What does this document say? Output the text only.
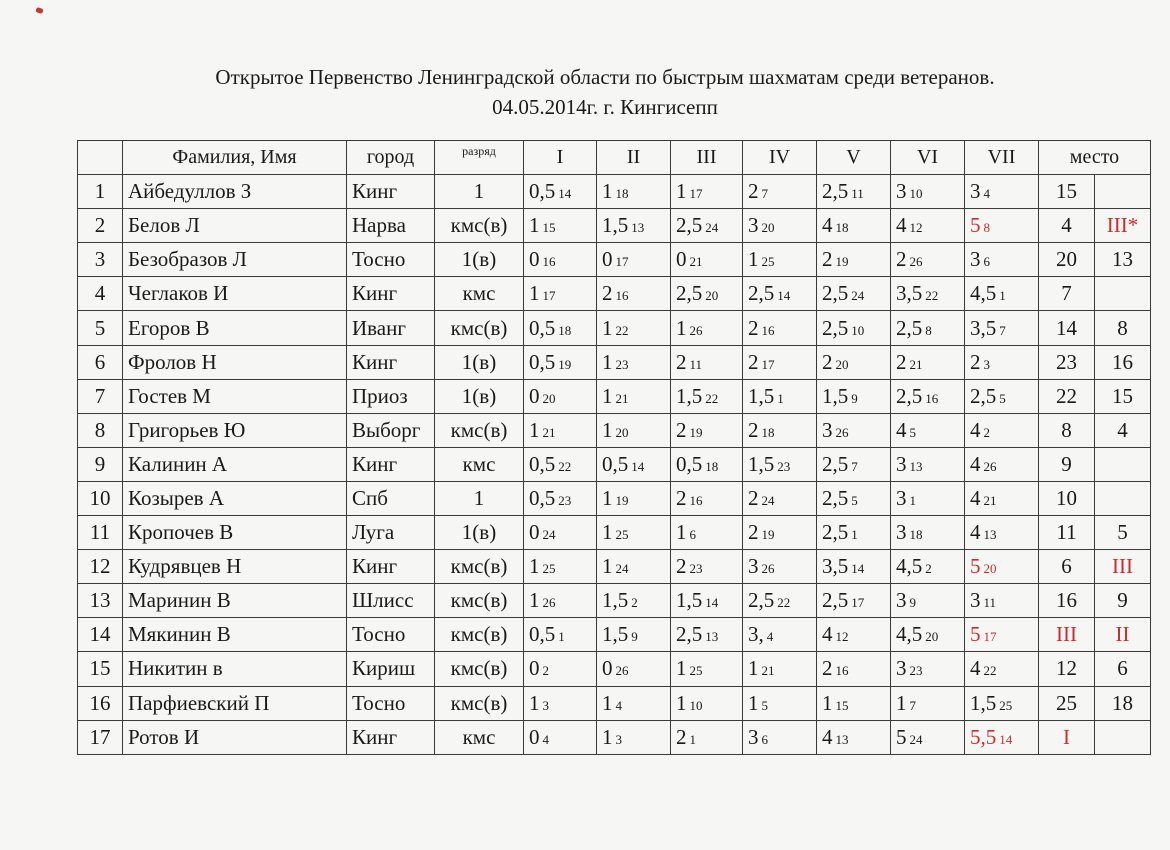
Открытое Первенство Ленинградской области по быстрым шахматам среди ветеранов.
04.05.2014г. г. Кингисепп
	Фамилия, Имя	город	разряд	I	II	III	IV	V	VI	VII	место	
1	Айбедуллов З	Кинг	1	0,5 14	1 18	1 17	2 7	2,5 11	3 10	3 4	15	
2	Белов Л	Нарва	кмс(в)	1 15	1,5 13	2,5 24	3 20	4 18	4 12	5 8	4	III*
3	Безобразов Л	Тосно	1(в)	0 16	0 17	0 21	1 25	2 19	2 26	3 6	20	13
4	Чеглаков И	Кинг	кмс	1 17	2 16	2,5 20	2,5 14	2,5 24	3,5 22	4,5 1	7	
5	Егоров В	Иванг	кмс(в)	0,5 18	1 22	1 26	2 16	2,5 10	2,5 8	3,5 7	14	8
6	Фролов Н	Кинг	1(в)	0,5 19	1 23	2 11	2 17	2 20	2 21	2 3	23	16
7	Гостев М	Приоз	1(в)	0 20	1 21	1,5 22	1,5 1	1,5 9	2,5 16	2,5 5	22	15
8	Григорьев Ю	Выборг	кмс(в)	1 21	1 20	2 19	2 18	3 26	4 5	4 2	8	4
9	Калинин А	Кинг	кмс	0,5 22	0,5 14	0,5 18	1,5 23	2,5 7	3 13	4 26	9	
10	Козырев А	Спб	1	0,5 23	1 19	2 16	2 24	2,5 5	3 1	4 21	10	
11	Кропочев В	Луга	1(в)	0 24	1 25	1 6	2 19	2,5 1	3 18	4 13	11	5
12	Кудрявцев Н	Кинг	кмс(в)	1 25	1 24	2 23	3 26	3,5 14	4,5 2	5 20	6	III
13	Маринин В	Шлисс	кмс(в)	1 26	1,5 2	1,5 14	2,5 22	2,5 17	3 9	3 11	16	9
14	Мякинин В	Тосно	кмс(в)	0,5 1	1,5 9	2,5 13	3, 4	4 12	4,5 20	5 17	III	II
15	Никитин в	Кириш	кмс(в)	0 2	0 26	1 25	1 21	2 16	3 23	4 22	12	6
16	Парфиевский П	Тосно	кмс(в)	1 3	1 4	1 10	1 5	1 15	1 7	1,5 25	25	18
17	Ротов И	Кинг	кмс	0 4	1 3	2 1	3 6	4 13	5 24	5,5 14	I	
